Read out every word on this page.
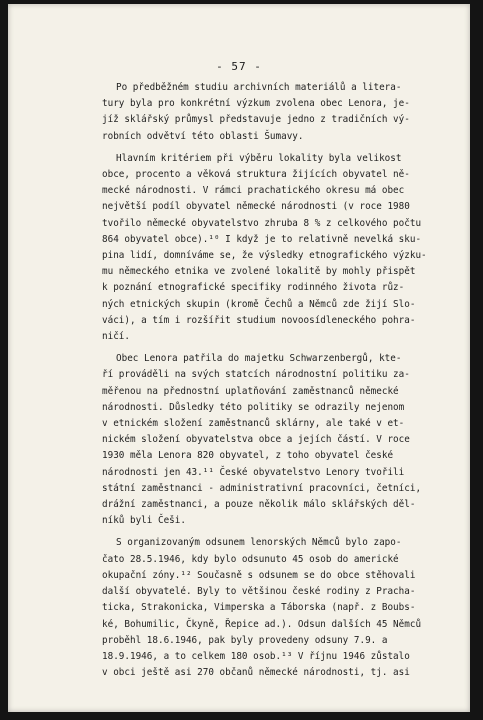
- 57 -
Po předběžném studiu archivních materiálů a litera-
tury byla pro konkrétní výzkum zvolena obec Lenora, je-
jíž sklářský průmysl představuje jedno z tradičních vý-
robních odvětví této oblasti Šumavy.
Hlavním kritériem při výběru lokality byla velikost
obce, procento a věková struktura žijících obyvatel ně-
mecké národnosti. V rámci prachatického okresu má obec
největší podíl obyvatel německé národnosti (v roce 1980
tvořilo německé obyvatelstvo zhruba 8 % z celkového počtu
864 obyvatel obce).¹⁰ I když je to relativně nevelká sku-
pina lidí, domníváme se, že výsledky etnografického výzku-
mu německého etnika ve zvolené lokalitě by mohly přispět
k poznání etnografické specifiky rodinného života růz-
ných etnických skupin (kromě Čechů a Němců zde žijí Slo-
váci), a tím i rozšířit studium novoosídleneckého pohra-
ničí.
Obec Lenora patřila do majetku Schwarzenbergů, kte-
ří prováděli na svých statcích národnostní politiku za-
měřenou na přednostní uplatňování zaměstnanců německé
národnosti. Důsledky této politiky se odrazily nejenom
v etnickém složení zaměstnanců sklárny, ale také v et-
nickém složení obyvatelstva obce a jejích částí. V roce
1930 měla Lenora 820 obyvatel, z toho obyvatel české
národnosti jen 43.¹¹ České obyvatelstvo Lenory tvořili
státní zaměstnanci - administrativní pracovníci, četníci,
drážní zaměstnanci, a pouze několik málo sklářských děl-
níků byli Češi.
S organizovaným odsunem lenorských Němců bylo zapo-
čato 28.5.1946, kdy bylo odsunuto 45 osob do americké
okupační zóny.¹² Současně s odsunem se do obce stěhovali
další obyvatelé. Byly to většinou české rodiny z Pracha-
ticka, Strakonicka, Vimperska a Táborska (např. z Boubs-
ké, Bohumilic, Čkyně, Řepice ad.). Odsun dalších 45 Němců
proběhl 18.6.1946, pak byly provedeny odsuny 7.9. a
18.9.1946, a to celkem 180 osob.¹³ V říjnu 1946 zůstalo
v obci ještě asi 270 občanů německé národnosti, tj. asi
